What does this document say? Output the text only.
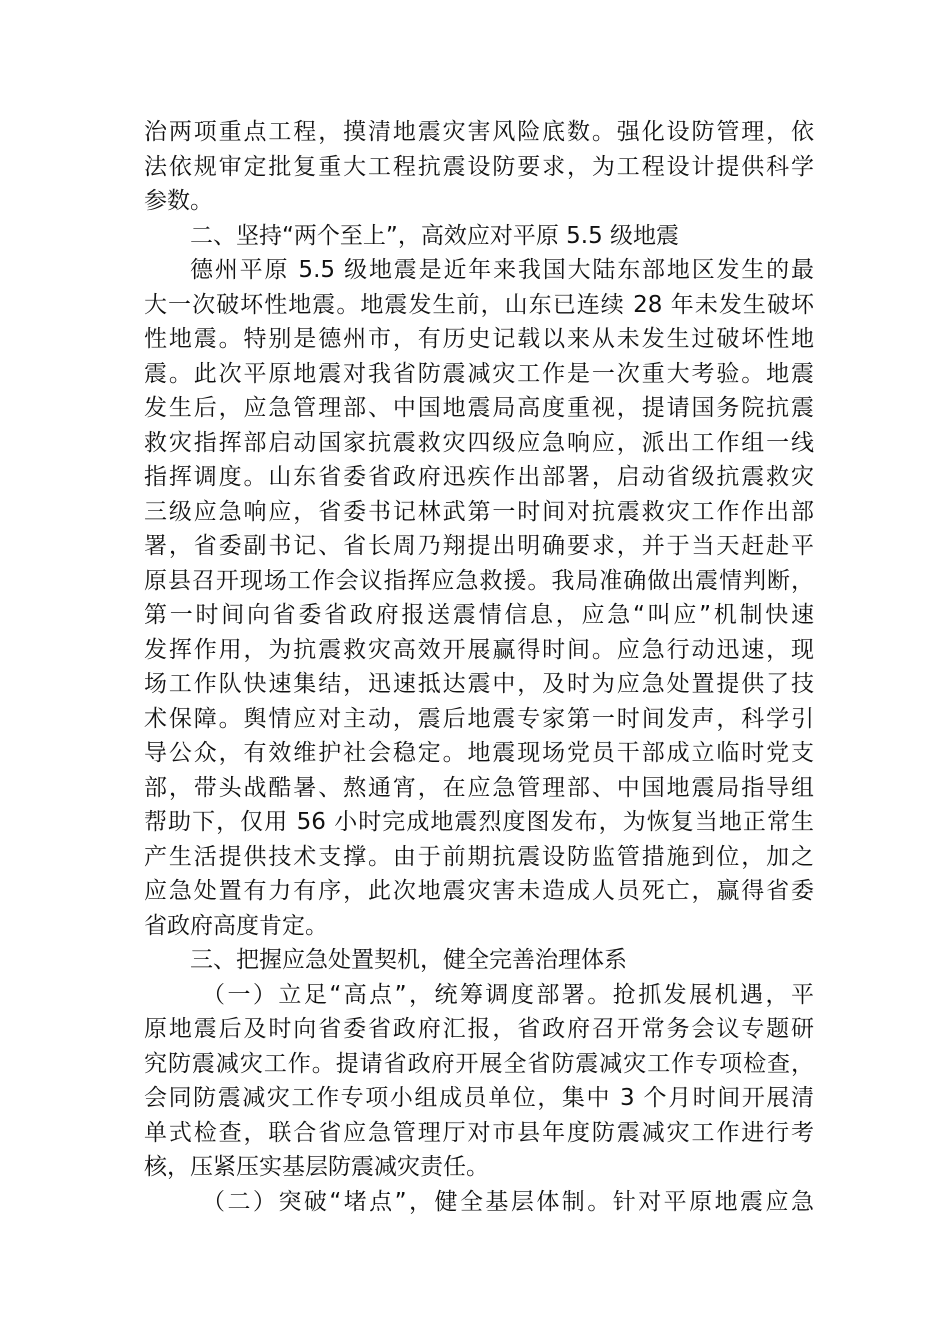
治两项重点工程，摸清地震灾害风险底数。强化设防管理，依
法依规审定批复重大工程抗震设防要求，为工程设计提供科学
参数。
二、坚持“两个至上”，高效应对平原 5.5 级地震
德州平原 5.5 级地震是近年来我国大陆东部地区发生的最
大一次破坏性地震。地震发生前，山东已连续 28 年未发生破坏
性地震。特别是德州市，有历史记载以来从未发生过破坏性地
震。此次平原地震对我省防震减灾工作是一次重大考验。地震
发生后，应急管理部、中国地震局高度重视，提请国务院抗震
救灾指挥部启动国家抗震救灾四级应急响应，派出工作组一线
指挥调度。山东省委省政府迅疾作出部署，启动省级抗震救灾
三级应急响应，省委书记林武第一时间对抗震救灾工作作出部
署，省委副书记、省长周乃翔提出明确要求，并于当天赶赴平
原县召开现场工作会议指挥应急救援。我局准确做出震情判断，
第一时间向省委省政府报送震情信息，应急“叫应”机制快速
发挥作用，为抗震救灾高效开展赢得时间。应急行动迅速，现
场工作队快速集结，迅速抵达震中，及时为应急处置提供了技
术保障。舆情应对主动，震后地震专家第一时间发声，科学引
导公众，有效维护社会稳定。地震现场党员干部成立临时党支
部，带头战酷暑、熬通宵，在应急管理部、中国地震局指导组
帮助下，仅用 56 小时完成地震烈度图发布，为恢复当地正常生
产生活提供技术支撑。由于前期抗震设防监管措施到位，加之
应急处置有力有序，此次地震灾害未造成人员死亡，赢得省委
省政府高度肯定。
三、把握应急处置契机，健全完善治理体系
（一）立足“高点”，统筹调度部署。抢抓发展机遇，平
原地震后及时向省委省政府汇报，省政府召开常务会议专题研
究防震减灾工作。提请省政府开展全省防震减灾工作专项检查，
会同防震减灾工作专项小组成员单位，集中 3 个月时间开展清
单式检查，联合省应急管理厅对市县年度防震减灾工作进行考
核，压紧压实基层防震减灾责任。
（二）突破“堵点”，健全基层体制。针对平原地震应急
